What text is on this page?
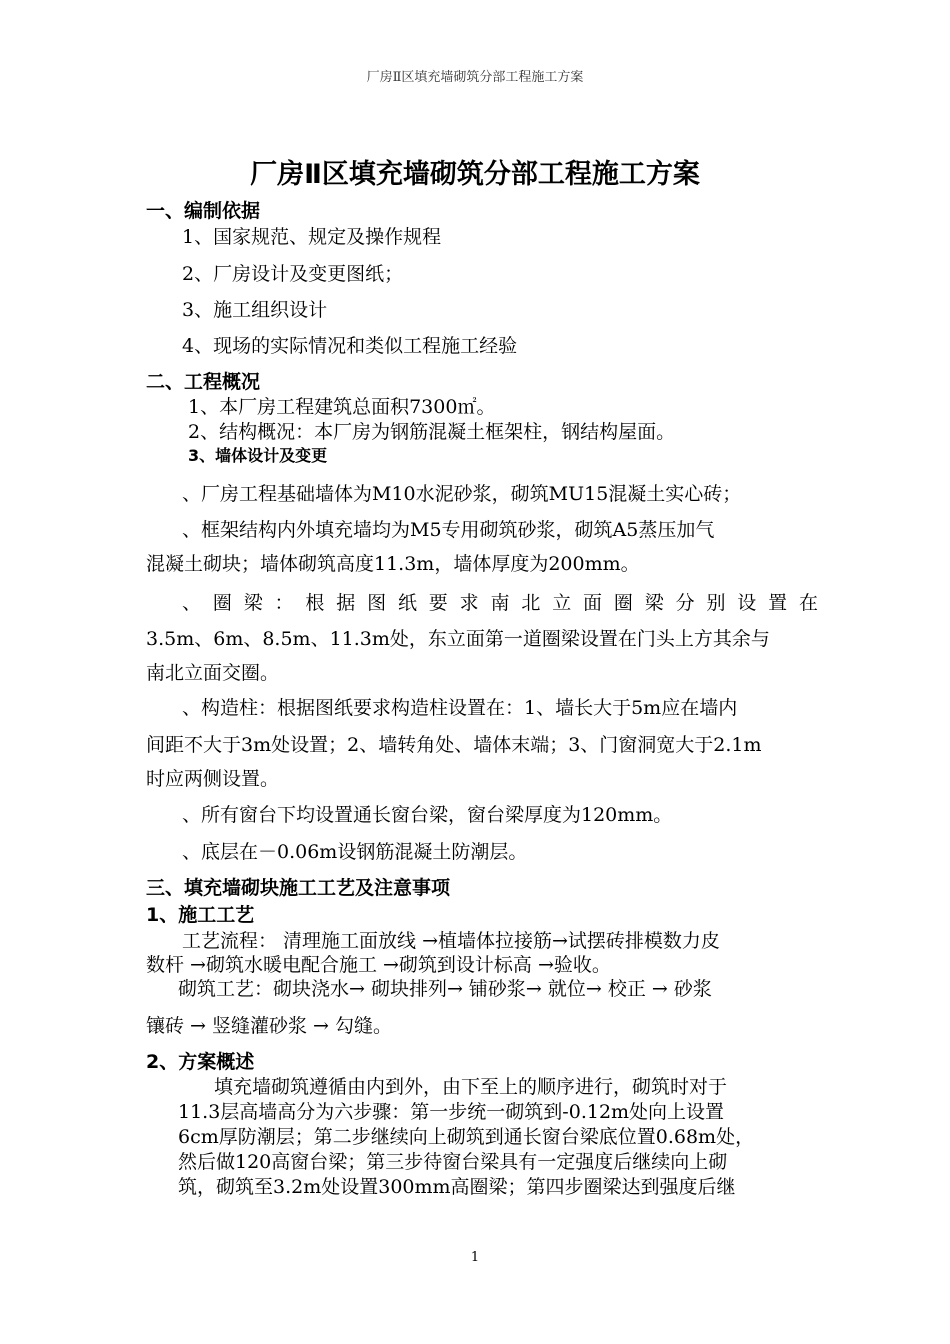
厂房Ⅱ区填充墙砌筑分部工程施工方案
厂房Ⅱ区填充墙砌筑分部工程施工方案
一、编制依据
1、国家规范、规定及操作规程
2、厂房设计及变更图纸；
3、施工组织设计
4、现场的实际情况和类似工程施工经验
二、工程概况
1、本厂房工程建筑总面积7300㎡。
2、结构概况：本厂房为钢筋混凝土框架柱，钢结构屋面。
3、墙体设计及变更
、厂房工程基础墙体为M10水泥砂浆，砌筑MU15混凝土实心砖；
、框架结构内外填充墙均为M5专用砌筑砂浆，砌筑A5蒸压加气
混凝土砌块；墙体砌筑高度11.3m，墙体厚度为200mm。
、 圈 梁 ： 根 据 图 纸 要 求 南 北 立 面 圈 梁 分 别 设 置 在
3.5m、6m、8.5m、11.3m处，东立面第一道圈梁设置在门头上方其余与
南北立面交圈。
、构造柱：根据图纸要求构造柱设置在：1、墙长大于5m应在墙内
间距不大于3m处设置；2、墙转角处、墙体末端；3、门窗洞宽大于2.1m
时应两侧设置。
、所有窗台下均设置通长窗台梁，窗台梁厚度为120mm。
、底层在－0.06m设钢筋混凝土防潮层。
三、填充墙砌块施工工艺及注意事项
1、施工工艺
工艺流程： 清理施工面放线 →植墙体拉接筋→试摆砖排模数力皮
数杆 →砌筑水暖电配合施工 →砌筑到设计标高 →验收。
砌筑工艺：砌块浇水→ 砌块排列→ 铺砂浆→ 就位→ 校正 → 砂浆
镶砖 → 竖缝灌砂浆 → 勾缝。
2、方案概述
填充墙砌筑遵循由内到外，由下至上的顺序进行，砌筑时对于
11.3层高墙高分为六步骤：第一步统一砌筑到-0.12m处向上设置
6cm厚防潮层；第二步继续向上砌筑到通长窗台梁底位置0.68m处，
然后做120高窗台梁；第三步待窗台梁具有一定强度后继续向上砌
筑，砌筑至3.2m处设置300mm高圈梁；第四步圈梁达到强度后继
1
